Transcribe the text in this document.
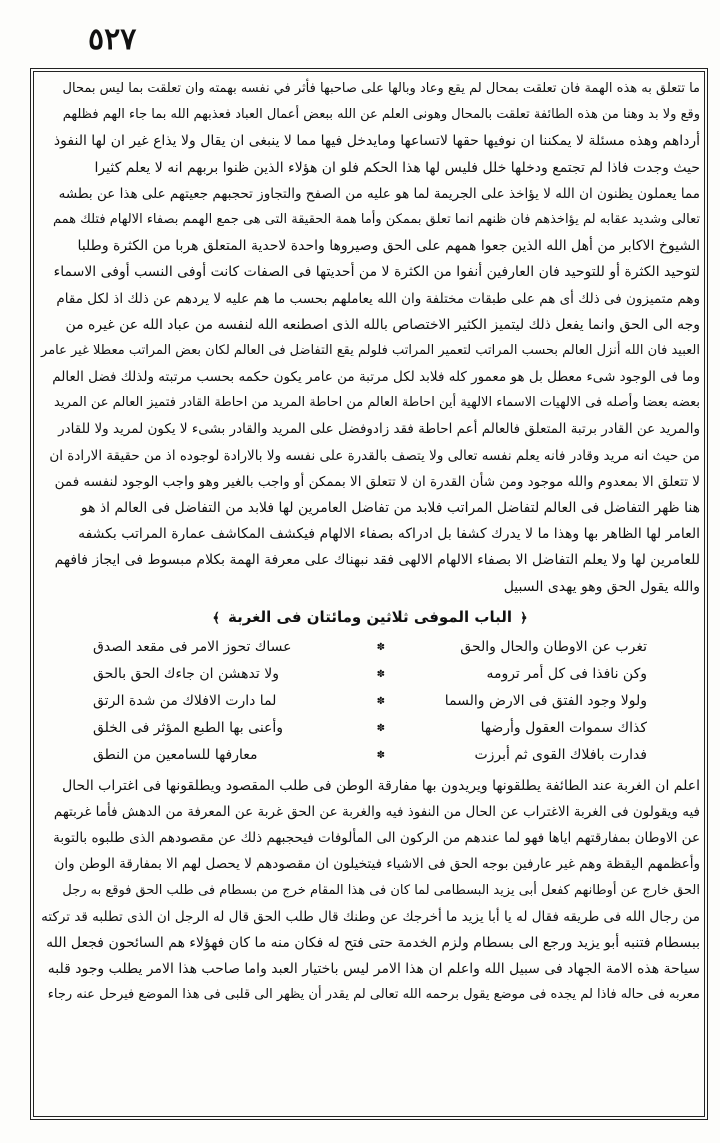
٥٢٧
ما تتعلق به هذه الهمة فان تعلقت بمحال لم يقع وعاد وبالها على صاحبها فأثر في نفسه بهمته وان تعلقت بما ليس بمحال
وقع ولا بد وهنا من هذه الطائفة تعلقت بالمحال وهونى العلم عن الله ببعض أعمال العباد فعذبهم الله بما جاء الهم فظلهم
أرداهم وهذه مسئلة لا يمكننا ان نوفيها حقها لاتساعها ومايدخل فيها مما لا ينبغى ان يقال ولا يذاع غير ان لها النفوذ
حيث وجدت فاذا لم تجتمع ودخلها خلل فليس لها هذا الحكم فلو ان هؤلاء الذين ظنوا بربهم انه لا يعلم كثيرا
مما يعملون يظنون ان الله لا يؤاخذ على الجريمة لما هو عليه من الصفح والتجاوز تحجبهم جعيتهم على هذا عن بطشه
تعالى وشديد عقابه لم يؤاخذهم فان ظنهم انما تعلق بممكن وأما همة الحقيقة التى هى جمع الهمم بصفاء الالهام فتلك همم
الشيوخ الاكابر من أهل الله الذين جعوا همهم على الحق وصيروها واحدة لاحدية المتعلق هربا من الكثرة وطلبا
لتوحيد الكثرة أو للتوحيد فان العارفين أنفوا من الكثرة لا من أحديتها فى الصفات كانت أوفى النسب أوفى الاسماء
وهم متميزون فى ذلك أى هم على طبقات مختلفة وان الله يعاملهم بحسب ما هم عليه لا يردهم عن ذلك اذ لكل مقام
وجه الى الحق وانما يفعل ذلك ليتميز الكثير الاختصاص بالله الذى اصطنعه الله لنفسه من عباد الله عن غيره من
العبيد فان الله أنزل العالم بحسب المراتب لتعمير المراتب فلولم يقع التفاضل فى العالم لكان بعض المراتب معطلا غير عامر
وما فى الوجود شىء معطل بل هو معمور كله فلابد لكل مرتبة من عامر يكون حكمه بحسب مرتبته ولذلك فضل العالم
بعضه بعضا وأصله فى الالهيات الاسماء الالهية أين احاطة العالم من احاطة المريد من احاطة القادر فتميز العالم عن المريد
والمريد عن القادر برتبة المتعلق فالعالم أعم احاطة فقد زادوفضل على المريد والقادر بشىء لا يكون لمريد ولا للقادر
من حيث انه مريد وقادر فانه يعلم نفسه تعالى ولا يتصف بالقدرة على نفسه ولا بالارادة لوجوده اذ من حقيقة الارادة ان
لا تتعلق الا بمعدوم والله موجود ومن شأن القدرة ان لا تتعلق الا بممكن أو واجب بالغير وهو واجب الوجود لنفسه فمن
هنا ظهر التفاضل فى العالم لتفاضل المراتب فلابد من تفاضل العامرين لها فلابد من التفاضل فى العالم اذ هو
العامر لها الظاهر بها وهذا ما لا يدرك كشفا بل ادراكه بصفاء الالهام فيكشف المكاشف عمارة المراتب بكشفه
للعامرين لها ولا يعلم التفاضل الا بصفاء الالهام الالهى فقد نبهناك على معرفة الهمة بكلام مبسوط فى ايجاز فافهم
والله يقول الحق وهو يهدى السبيل
﴿الباب الموفى ثلاثين ومائتان فى الغربة﴾
تغرب عن الاوطان والحال والحق
✽
عساك تحوز الامر فى مقعد الصدق
وكن نافذا فى كل أمر ترومه
✽
ولا تدهشن ان جاءك الحق بالحق
ولولا وجود الفتق فى الارض والسما
✽
لما دارت الافلاك من شدة الرتق
كذاك سموات العقول وأرضها
✽
وأعنى بها الطبع المؤثر فى الخلق
فدارت بافلاك القوى ثم أبرزت
✽
معارفها للسامعين من النطق
اعلم ان الغربة عند الطائفة يطلقونها ويريدون بها مفارقة الوطن فى طلب المقصود ويطلقونها فى اغتراب الحال
فيه ويقولون فى الغربة الاغتراب عن الحال من النفوذ فيه والغربة عن الحق غربة عن المعرفة من الدهش فأما غربتهم
عن الاوطان بمفارقتهم اياها فهو لما عندهم من الركون الى المألوفات فيحجبهم ذلك عن مقصودهم الذى طلبوه بالتوبة
وأعظمهم اليقظة وهم غير عارفين بوجه الحق فى الاشياء فيتخيلون ان مقصودهم لا يحصل لهم الا بمفارقة الوطن وان
الحق خارج عن أوطانهم كفعل أبى يزيد البسطامى لما كان فى هذا المقام خرج من بسطام فى طلب الحق فوقع به رجل
من رجال الله فى طريقه فقال له يا أبا يزيد ما أخرجك عن وطنك قال طلب الحق قال له الرجل ان الذى تطلبه قد تركته
ببسطام فتنبه أبو يزيد ورجع الى بسطام ولزم الخدمة حتى فتح له فكان منه ما كان فهؤلاء هم السائحون فجعل الله
سياحة هذه الامة الجهاد فى سبيل الله واعلم ان هذا الامر ليس باختيار العبد واما صاحب هذا الامر يطلب وجود قلبه
معربه فى حاله فاذا لم يجده فى موضع يقول برحمه الله تعالى لم يقدر أن يظهر الى قلبى فى هذا الموضع فيرحل عنه رجاء
